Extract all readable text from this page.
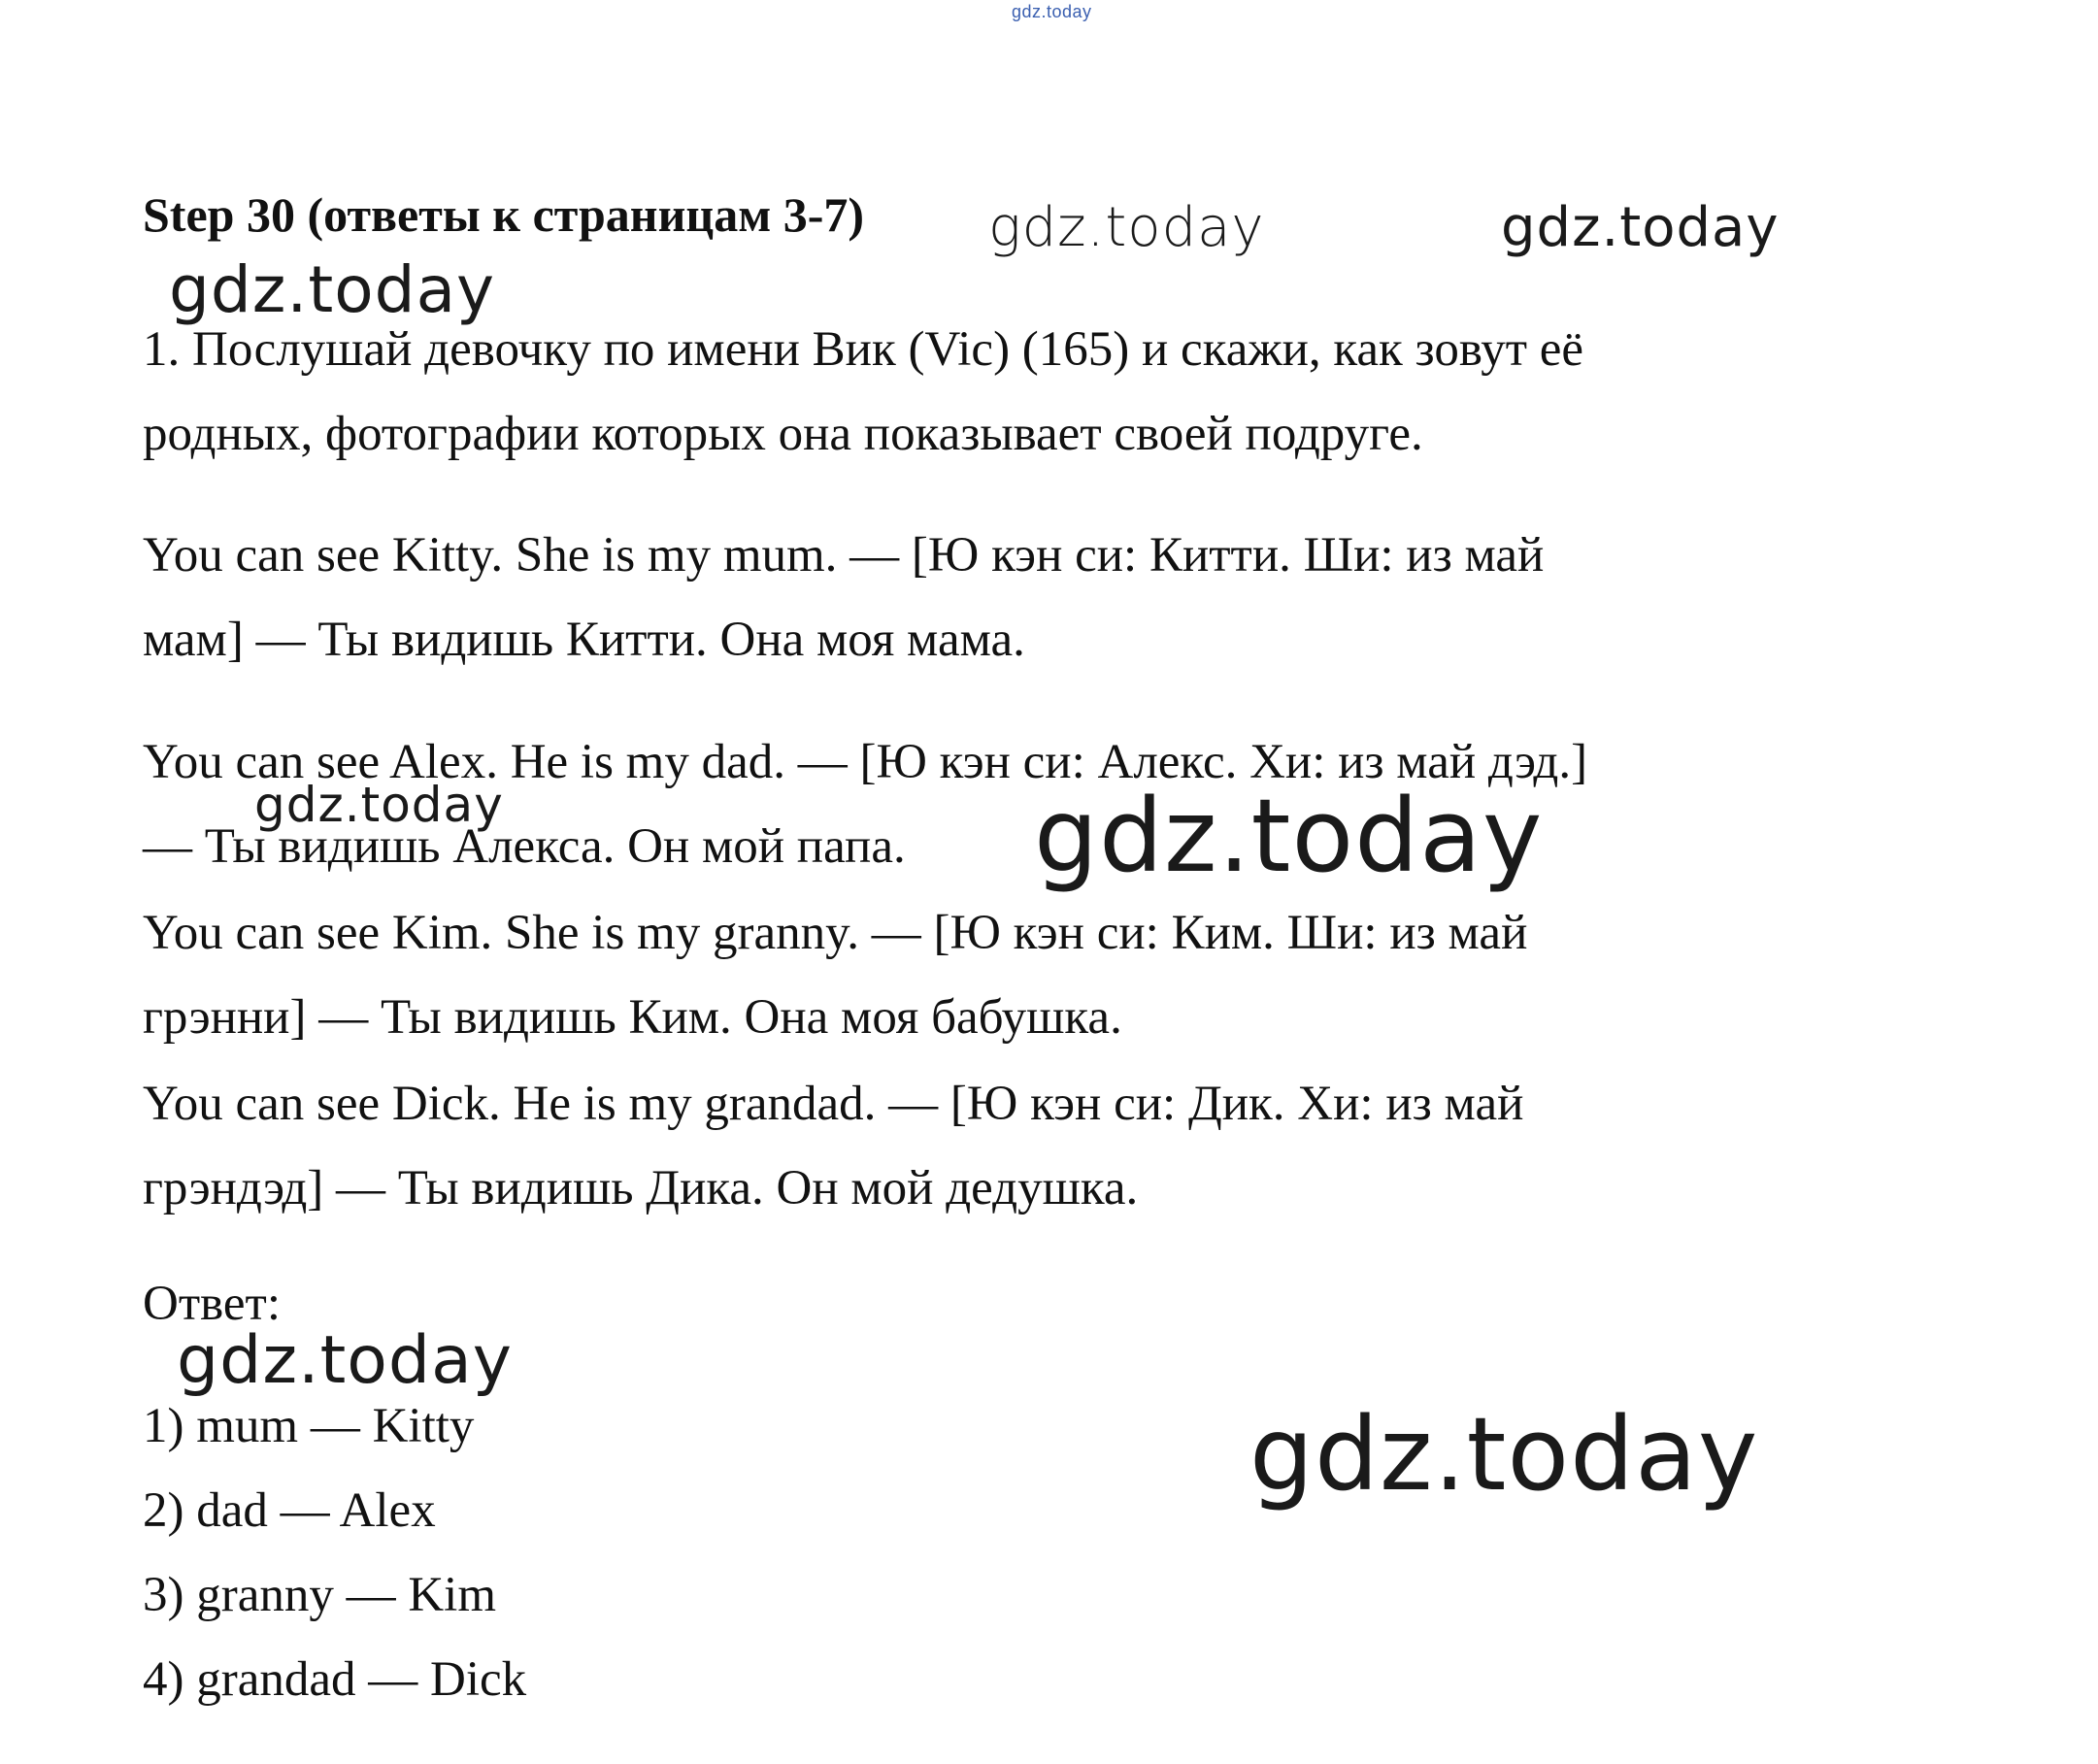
gdz.today
Step 30 (ответы к страницам 3-7)

1. Послушай девочку по имени Вик (Vic) (165) и скажи, как зовут её
родных, фотографии которых она показывает своей подруге.

You can see Kitty. She is my mum. — [Ю кэн си: Китти. Ши: из май
мам] — Ты видишь Китти. Она моя мама.

You can see Alex. He is my dad. — [Ю кэн си: Алекс. Хи: из май дэд.]
— Ты видишь Алекса. Он мой папа.

You can see Kim. She is my granny. — [Ю кэн си: Ким. Ши: из май
грэнни] — Ты видишь Ким. Она моя бабушка.

You can see Dick. He is my grandad. — [Ю кэн си: Дик. Хи: из май
грэндэд] — Ты видишь Дика. Он мой дедушка.

Ответ:
1) mum — Kitty
2) dad — Alex
3) granny — Kim
4) grandad — Dick
gdz.today	gdz.today
gdz.today
gdz.today	gdz.today
gdz.today
gdz.today
